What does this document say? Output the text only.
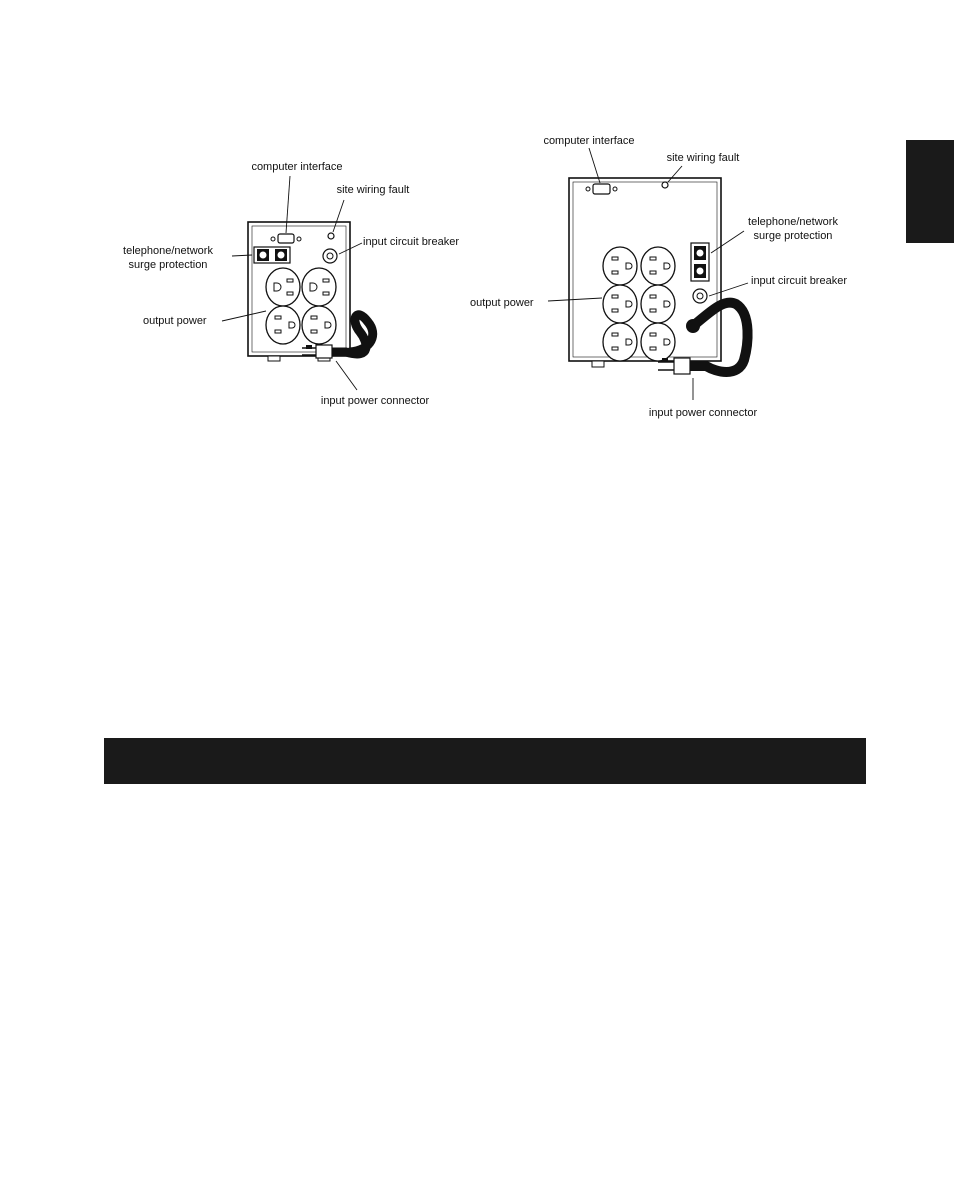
computer interface
site wiring fault
input circuit breaker
telephone/network
surge protection
output power
input power connector
computer interface
site wiring fault
telephone/network
surge protection
input circuit breaker
output power
input power connector
